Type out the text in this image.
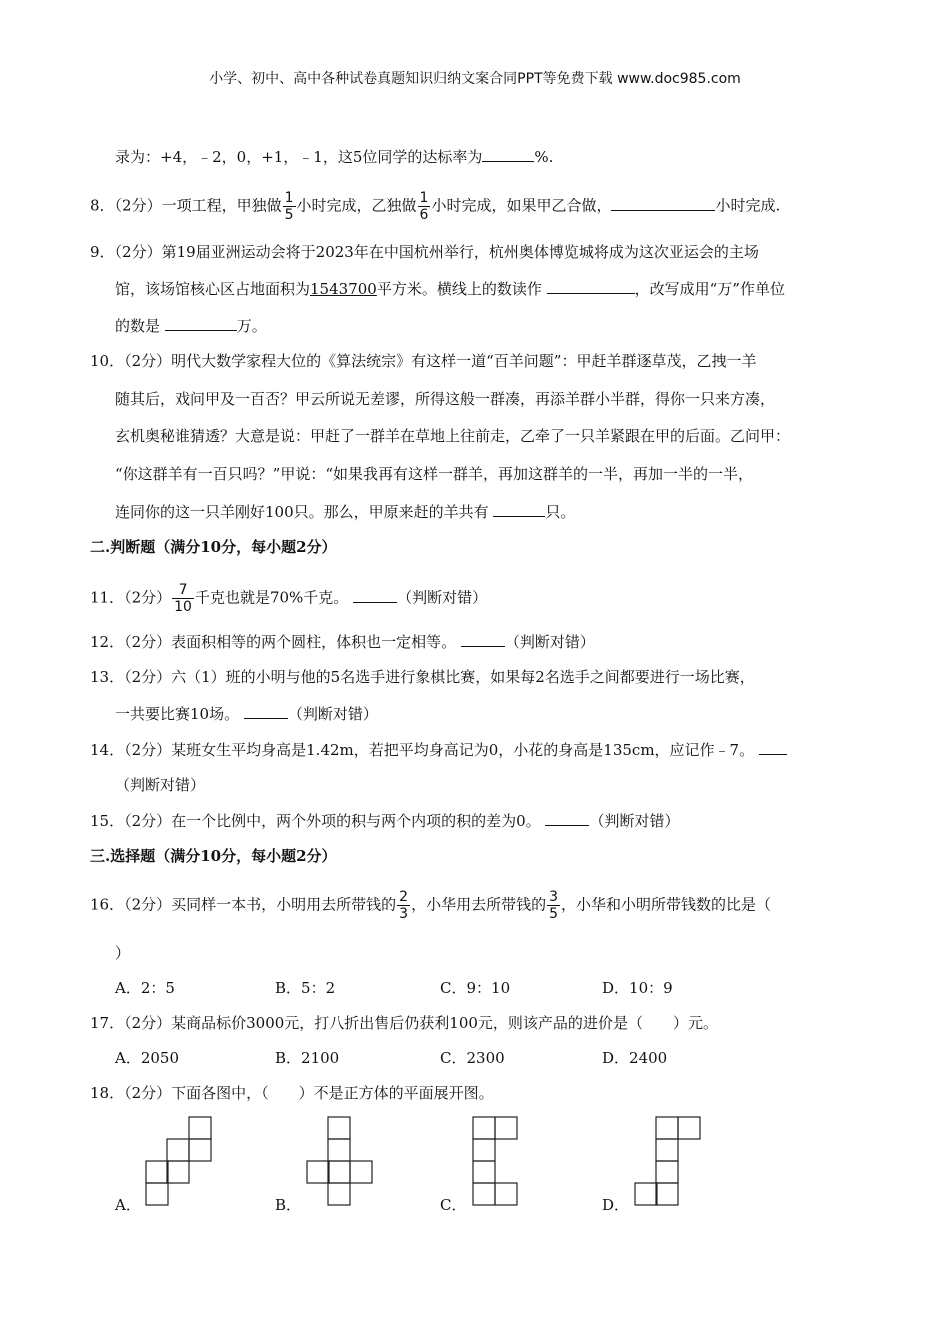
小学、初中、高中各种试卷真题知识归纳文案合同PPT等免费下载 www.doc985.com
录为：+4，﹣2，0，+1，﹣1，这5位同学的达标率为	%.
8．（2分）一项工程，甲独做 $\frac{1}{5}$ 小时完成，乙独做 $\frac{1}{6}$ 小时完成，如果甲乙合做，	小时完成.
9．（2分）第19届亚洲运动会将于2023年在中国杭州举行，杭州奥体博览城将成为这次亚运会的主场
馆，该场馆核心区占地面积为1543700平方米。横线上的数读作	，改写成用“万”作单位
的数是	万。
10．（2分）明代大数学家程大位的《算法统宗》有这样一道“百羊问题”：甲赶羊群逐草茂，乙拽一羊
随其后，戏问甲及一百否？甲云所说无差谬，所得这般一群凑，再添羊群小半群，得你一只来方凑，
玄机奥秘谁猜透？大意是说：甲赶了一群羊在草地上往前走，乙牵了一只羊紧跟在甲的后面。乙问甲：
“你这群羊有一百只吗？”甲说：“如果我再有这样一群羊，再加这群羊的一半，再加一半的一半，
连同你的这一只羊刚好100只。那么，甲原来赶的羊共有	只。
二.判断题（满分10分，每小题2分）
11．（2分） $\frac{7}{10}$ 千克也就是70%千克。	（判断对错）
12．（2分）表面积相等的两个圆柱，体积也一定相等。	（判断对错）
13．（2分）六（1）班的小明与他的5名选手进行象棋比赛，如果每2名选手之间都要进行一场比赛，
一共要比赛10场。	（判断对错）
14．（2分）某班女生平均身高是1.42m，若把平均身高记为0，小花的身高是135cm，应记作﹣7。
（判断对错）
15．（2分）在一个比例中，两个外项的积与两个内项的积的差为0。	（判断对错）
三.选择题（满分10分，每小题2分）
16．（2分）买同样一本书，小明用去所带钱的 $\frac{2}{3}$ ，小华用去所带钱的 $\frac{3}{5}$ ，小华和小明所带钱数的比是（
）
A．2：5	B．5：2	C．9：10	D．10：9
17．（2分）某商品标价3000元，打八折出售后仍获利100元，则该产品的进价是（　　）元。
A．2050	B．2100	C．2300	D．2400
18．（2分）下面各图中，（　　）不是正方体的平面展开图。
A．	B．	C．	D．
